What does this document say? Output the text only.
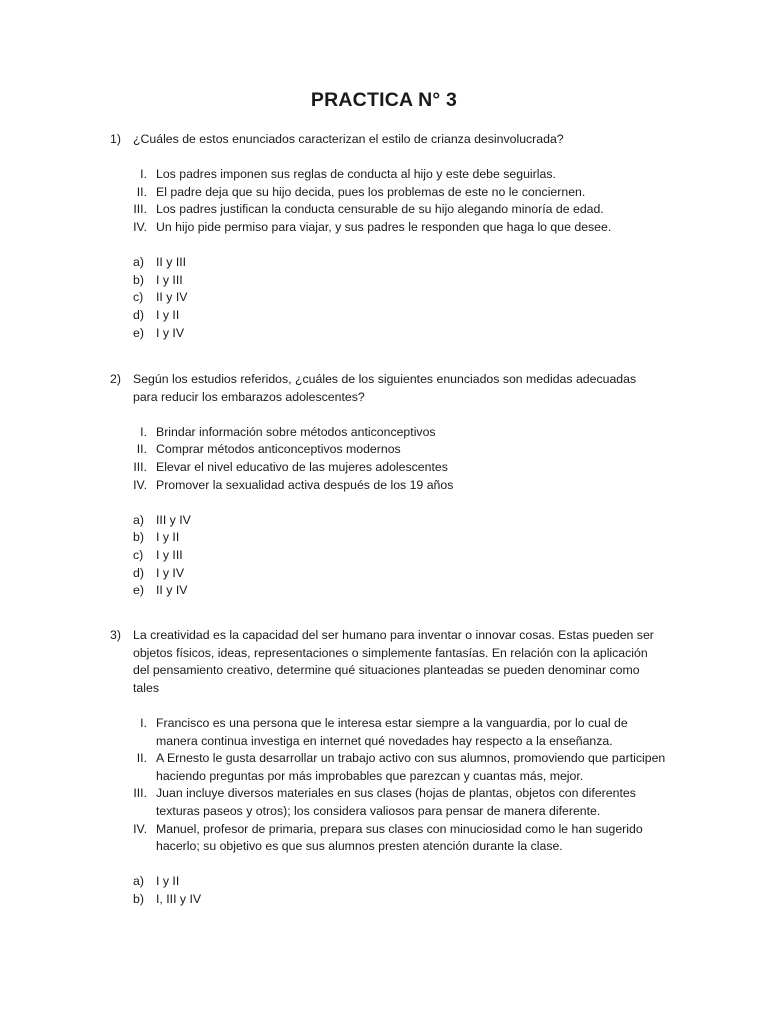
PRACTICA N° 3
1) ¿Cuáles de estos enunciados caracterizan el estilo de crianza desinvolucrada?
I. Los padres imponen sus reglas de conducta al hijo y este debe seguirlas.
II. El padre deja que su hijo decida, pues los problemas de este no le conciernen.
III. Los padres justifican la conducta censurable de su hijo alegando minoría de edad.
IV. Un hijo pide permiso para viajar, y sus padres le responden que haga lo que desee.
a) II y III
b) I y III
c) II y IV
d) I y II
e) I y IV
2) Según los estudios referidos, ¿cuáles de los siguientes enunciados son medidas adecuadas para reducir los embarazos adolescentes?
I. Brindar información sobre métodos anticonceptivos
II. Comprar métodos anticonceptivos modernos
III. Elevar el nivel educativo de las mujeres adolescentes
IV. Promover la sexualidad activa después de los 19 años
a) III y IV
b) I y II
c) I y III
d) I y IV
e) II y IV
3) La creatividad es la capacidad del ser humano para inventar o innovar cosas. Estas pueden ser objetos físicos, ideas, representaciones o simplemente fantasías. En relación con la aplicación del pensamiento creativo, determine qué situaciones planteadas se pueden denominar como tales
I. Francisco es una persona que le interesa estar siempre a la vanguardia, por lo cual de manera continua investiga en internet qué novedades hay respecto a la enseñanza.
II. A Ernesto le gusta desarrollar un trabajo activo con sus alumnos, promoviendo que participen haciendo preguntas por más improbables que parezcan y cuantas más, mejor.
III. Juan incluye diversos materiales en sus clases (hojas de plantas, objetos con diferentes texturas paseos y otros); los considera valiosos para pensar de manera diferente.
IV. Manuel, profesor de primaria, prepara sus clases con minuciosidad como le han sugerido hacerlo; su objetivo es que sus alumnos presten atención durante la clase.
a) I y II
b) I, III y IV
